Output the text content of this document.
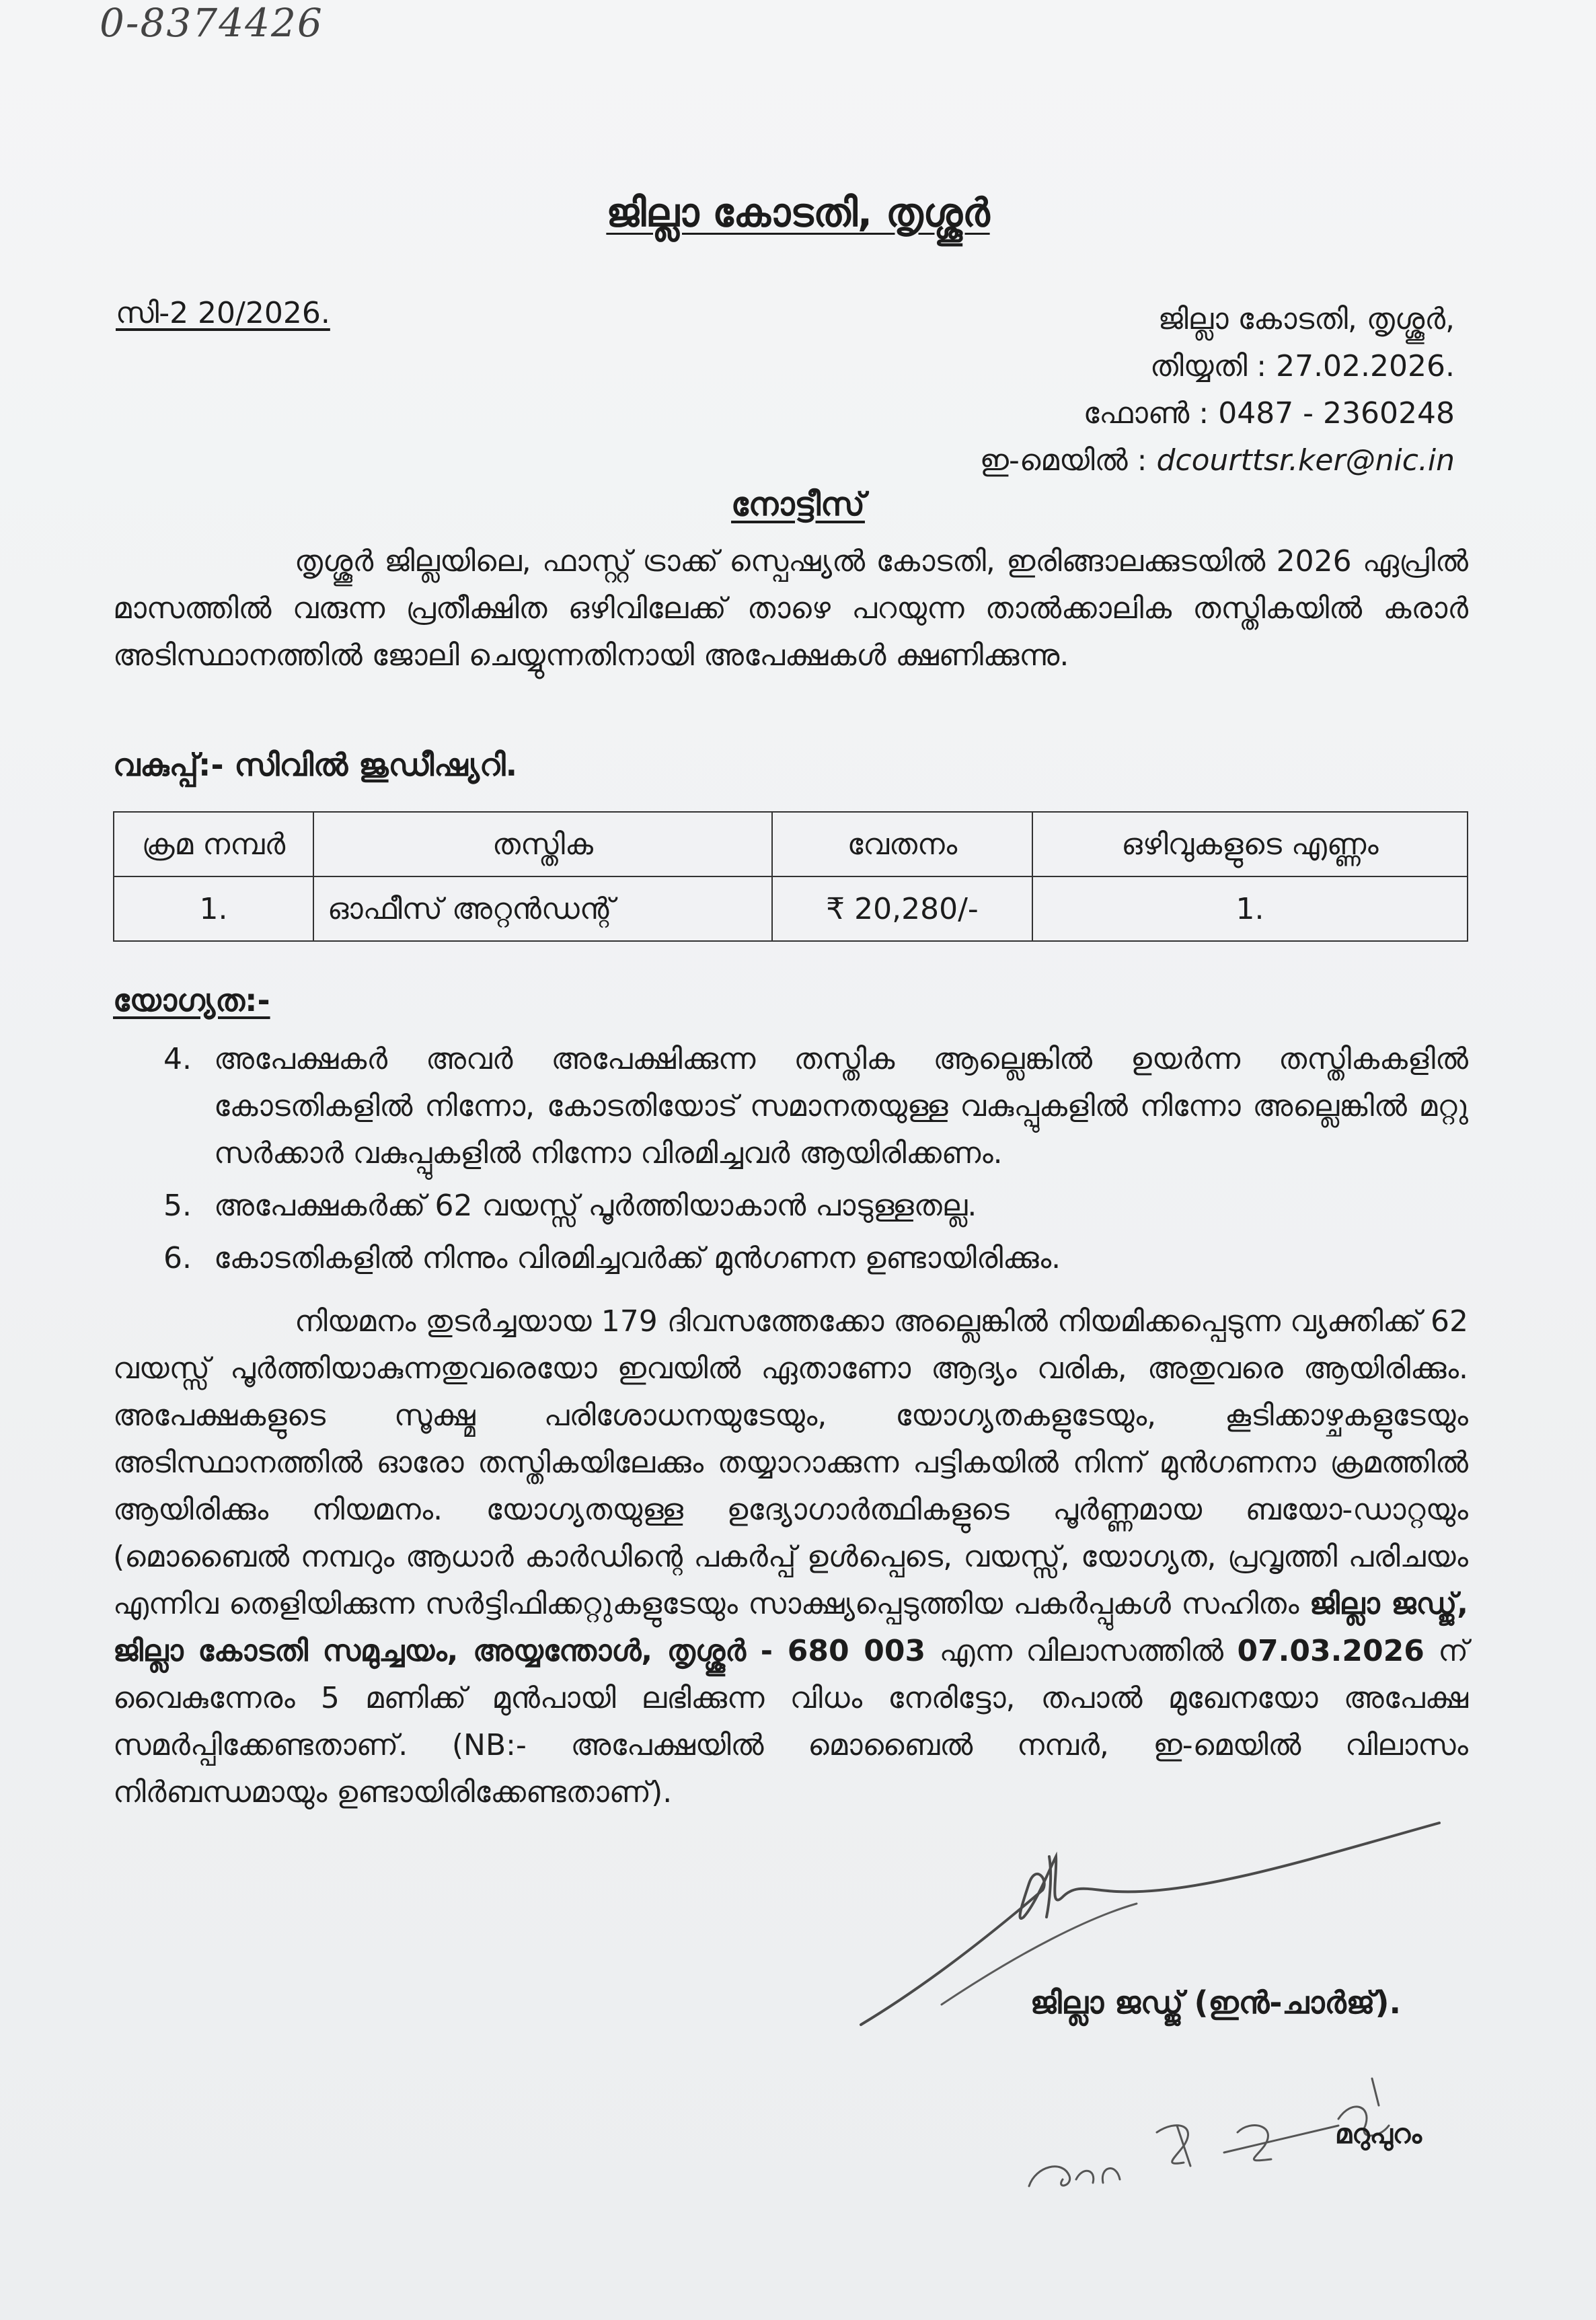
0-8374426
ജില്ലാ കോടതി, തൃശ്ശൂർ
സി-2 20/2026.	ജില്ലാ കോടതി, തൃശ്ശൂർ,
തിയ്യതി : 27.02.2026.
ഫോൺ : 0487 - 2360248
ഇ-മെയിൽ : dcourttsr.ker@nic.in
നോട്ടീസ്
തൃശ്ശൂർ ജില്ലയിലെ, ഫാസ്റ്റ് ട്രാക്ക് സ്പെഷ്യൽ കോടതി, ഇരിങ്ങാലക്കുടയിൽ 2026 ഏപ്രിൽ മാസത്തിൽ വരുന്ന പ്രതീക്ഷിത ഒഴിവിലേക്ക് താഴെ പറയുന്ന താൽക്കാലിക തസ്തികയിൽ കരാർ അടിസ്ഥാനത്തിൽ ജോലി ചെയ്യുന്നതിനായി അപേക്ഷകൾ ക്ഷണിക്കുന്നു.
വകുപ്പ്:- സിവിൽ ജുഡീഷ്യറി.
ക്രമ നമ്പർ	തസ്തിക	വേതനം	ഒഴിവുകളുടെ എണ്ണം
1.	ഓഫീസ് അറ്റൻഡന്റ്	₹ 20,280/-	1.
യോഗ്യത:-
4. അപേക്ഷകർ അവർ അപേക്ഷിക്കുന്ന തസ്തിക ആല്ലെങ്കിൽ ഉയർന്ന തസ്തികകളിൽ കോടതികളിൽ നിന്നോ, കോടതിയോട് സമാനതയുള്ള വകുപ്പുകളിൽ നിന്നോ അല്ലെങ്കിൽ മറ്റു സർക്കാർ വകുപ്പുകളിൽ നിന്നോ വിരമിച്ചവർ ആയിരിക്കണം.
5. അപേക്ഷകർക്ക് 62 വയസ്സ് പൂർത്തിയാകാൻ പാടുള്ളതല്ല.
6. കോടതികളിൽ നിന്നും വിരമിച്ചവർക്ക് മുൻഗണന ഉണ്ടായിരിക്കും.
നിയമനം തുടർച്ചയായ 179 ദിവസത്തേക്കോ അല്ലെങ്കിൽ നിയമിക്കപ്പെടുന്ന വ്യക്തിക്ക് 62 വയസ്സ് പൂർത്തിയാകുന്നതുവരെയോ ഇവയിൽ ഏതാണോ ആദ്യം വരിക, അതുവരെ ആയിരിക്കും. അപേക്ഷകളുടെ സൂക്ഷ്മ പരിശോധനയുടേയും, യോഗ്യതകളുടേയും, കൂടിക്കാഴ്ചകളുടേയും അടിസ്ഥാനത്തിൽ ഓരോ തസ്തികയിലേക്കും തയ്യാറാക്കുന്ന പട്ടികയിൽ നിന്ന് മുൻഗണനാ ക്രമത്തിൽ ആയിരിക്കും നിയമനം. യോഗ്യതയുള്ള ഉദ്യോഗാർത്ഥികളുടെ പൂർണ്ണമായ ബയോ-ഡാറ്റയും (മൊബൈൽ നമ്പറും ആധാർ കാർഡിന്റെ പകർപ്പ് ഉൾപ്പെടെ, വയസ്സ്, യോഗ്യത, പ്രവൃത്തി പരിചയം എന്നിവ തെളിയിക്കുന്ന സർട്ടിഫിക്കറ്റുകളുടേയും സാക്ഷ്യപ്പെടുത്തിയ പകർപ്പുകൾ സഹിതം ജില്ലാ ജഡ്ജ്, ജില്ലാ കോടതി സമുച്ചയം, അയ്യന്തോൾ, തൃശ്ശൂർ - 680 003 എന്ന വിലാസത്തിൽ 07.03.2026 ന് വൈകുന്നേരം 5 മണിക്ക് മുൻപായി ലഭിക്കുന്ന വിധം നേരിട്ടോ, തപാൽ മുഖേനയോ അപേക്ഷ സമർപ്പിക്കേണ്ടതാണ്. (NB:- അപേക്ഷയിൽ മൊബൈൽ നമ്പർ, ഇ-മെയിൽ വിലാസം നിർബന്ധമായും ഉണ്ടായിരിക്കേണ്ടതാണ്).
ജില്ലാ ജഡ്ജ് (ഇൻ-ചാർജ്).
മറുപുറം
